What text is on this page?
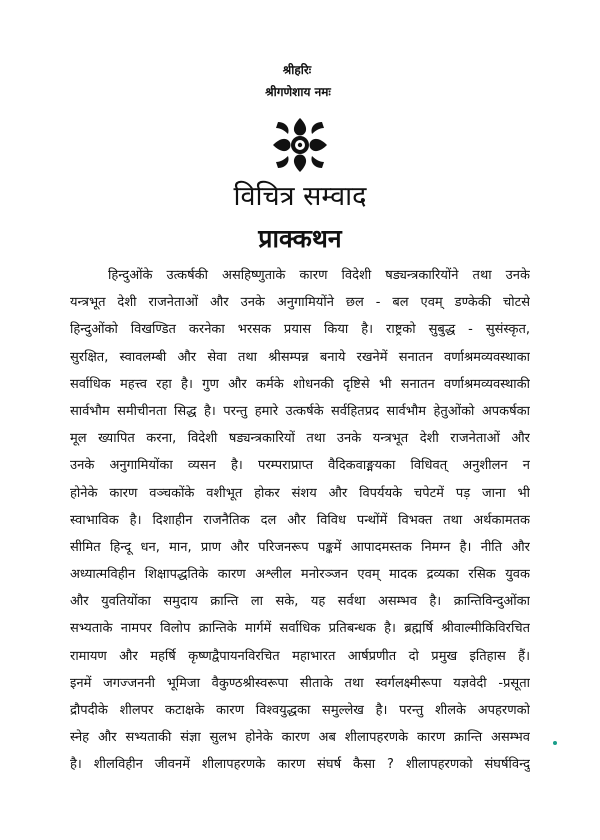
श्रीहरिः
श्रीगणेशाय नमः
विचित्र सम्वाद
प्राक्कथन
हिन्दुओंके उत्कर्षकी असहिष्णुताके कारण विदेशी षड्यन्त्रकारियोंने तथा उनके
यन्त्रभूत देशी राजनेताओं और उनके अनुगामियोंने छल - बल एवम् डण्केकी चोटसे
हिन्दुओंको विखण्डित करनेका भरसक प्रयास किया है। राष्ट्रको सुबुद्ध - सुसंस्कृत,
सुरक्षित, स्वावलम्बी और सेवा तथा श्रीसम्पन्न बनाये रखनेमें सनातन वर्णाश्रमव्यवस्थाका
सर्वाधिक महत्त्व रहा है। गुण और कर्मके शोधनकी दृष्टिसे भी सनातन वर्णाश्रमव्यवस्थाकी
सार्वभौम समीचीनता सिद्ध है। परन्तु हमारे उत्कर्षके सर्वहितप्रद सार्वभौम हेतुओंको अपकर्षका
मूल ख्यापित करना, विदेशी षड्यन्त्रकारियों तथा उनके यन्त्रभूत देशी राजनेताओं और
उनके अनुगामियोंका व्यसन है। परम्पराप्राप्त वैदिकवाङ्मयका विधिवत् अनुशीलन न
होनेके कारण वञ्चकोंके वशीभूत होकर संशय और विपर्ययके चपेटमें पड़ जाना भी
स्वाभाविक है। दिशाहीन राजनैतिक दल और विविध पन्थोंमें विभक्त तथा अर्थकामतक
सीमित हिन्दू धन, मान, प्राण और परिजनरूप पङ्कमें आपादमस्तक निमग्न है। नीति और
अध्यात्मविहीन शिक्षापद्धतिके कारण अश्लील मनोरञ्जन एवम् मादक द्रव्यका रसिक युवक
और युवतियोंका समुदाय क्रान्ति ला सके, यह सर्वथा असम्भव है। क्रान्तिविन्दुओंका
सभ्यताके नामपर विलोप क्रान्तिके मार्गमें सर्वाधिक प्रतिबन्धक है। ब्रह्मर्षि श्रीवाल्मीकिविरचित
रामायण और महर्षि कृष्णद्वैपायनविरचित महाभारत आर्षप्रणीत दो प्रमुख इतिहास हैं।
इनमें जगज्जननी भूमिजा वैकुण्ठश्रीस्वरूपा सीताके तथा स्वर्गलक्ष्मीरूपा यज्ञवेदी -प्रसूता
द्रौपदीके शीलपर कटाक्षके कारण विश्वयुद्धका समुल्लेख है। परन्तु शीलके अपहरणको
स्नेह और सभ्यताकी संज्ञा सुलभ होनेके कारण अब शीलापहरणके कारण क्रान्ति असम्भव
है। शीलविहीन जीवनमें शीलापहरणके कारण संघर्ष कैसा ? शीलापहरणको संघर्षविन्दु
